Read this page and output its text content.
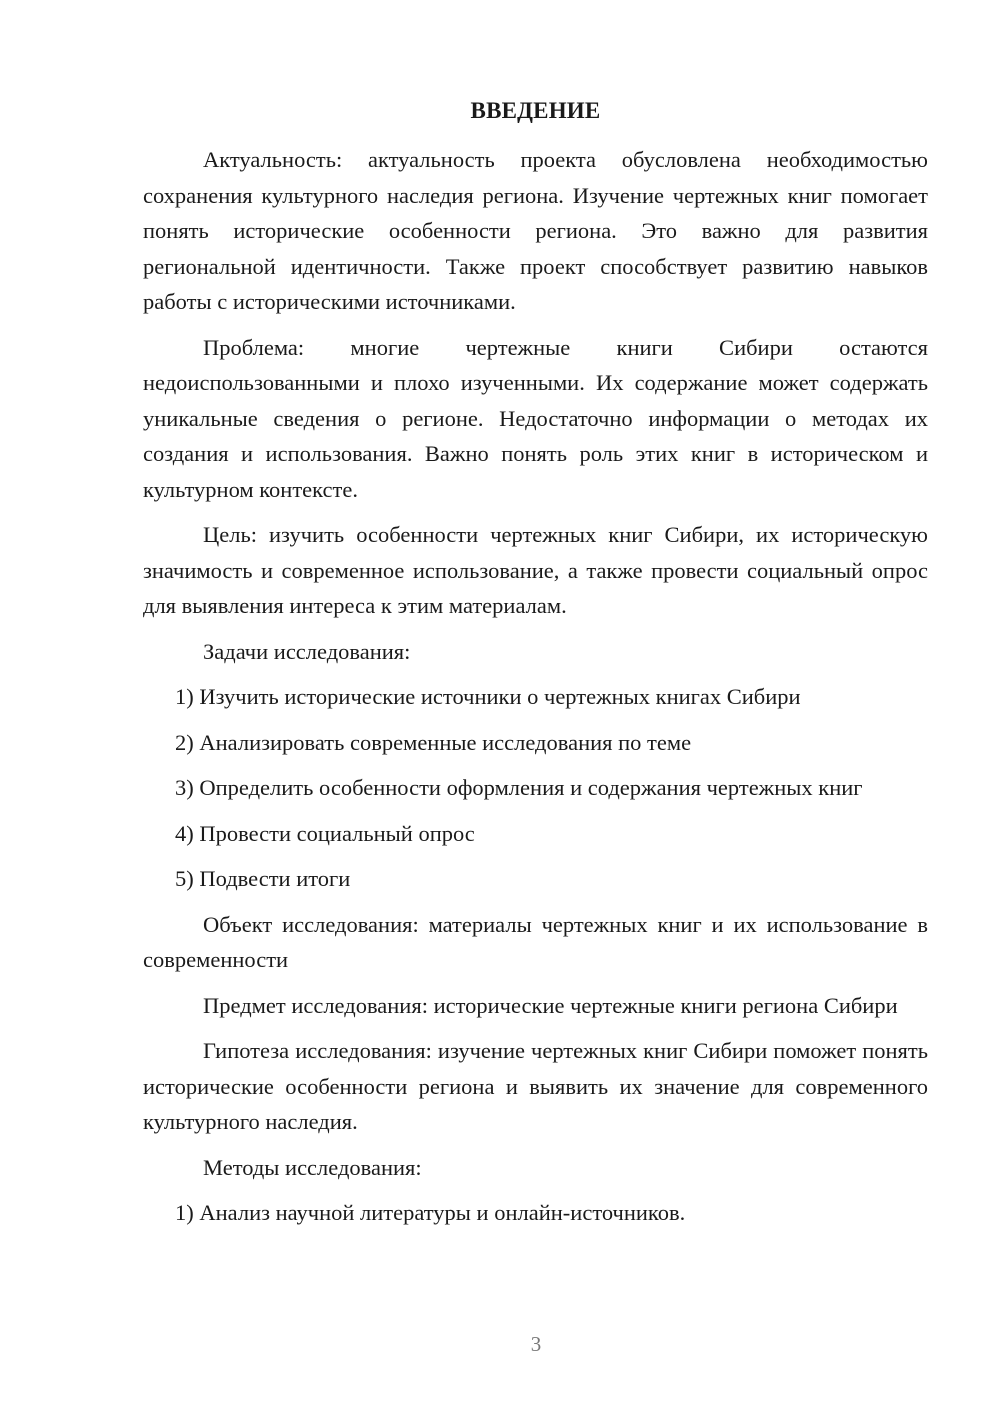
ВВЕДЕНИЕ

Актуальность: актуальность проекта обусловлена необходимостью сохранения культурного наследия региона. Изучение чертежных книг помогает понять исторические особенности региона. Это важно для развития региональной идентичности. Также проект способствует развитию навыков работы с историческими источниками.

Проблема: многие чертежные книги Сибири остаются недоиспользованными и плохо изученными. Их содержание может содержать уникальные сведения о регионе. Недостаточно информации о методах их создания и использования. Важно понять роль этих книг в историческом и культурном контексте.

Цель: изучить особенности чертежных книг Сибири, их историческую значимость и современное использование, а также провести социальный опрос для выявления интереса к этим материалам.

Задачи исследования:

1) Изучить исторические источники о чертежных книгах Сибири

2) Анализировать современные исследования по теме

3) Определить особенности оформления и содержания чертежных книг

4) Провести социальный опрос

5) Подвести итоги

Объект исследования: материалы чертежных книг и их использование в современности

Предмет исследования: исторические чертежные книги региона Сибири

Гипотеза исследования: изучение чертежных книг Сибири поможет понять исторические особенности региона и выявить их значение для современного культурного наследия.

Методы исследования:

1) Анализ научной литературы и онлайн-источников.

3
